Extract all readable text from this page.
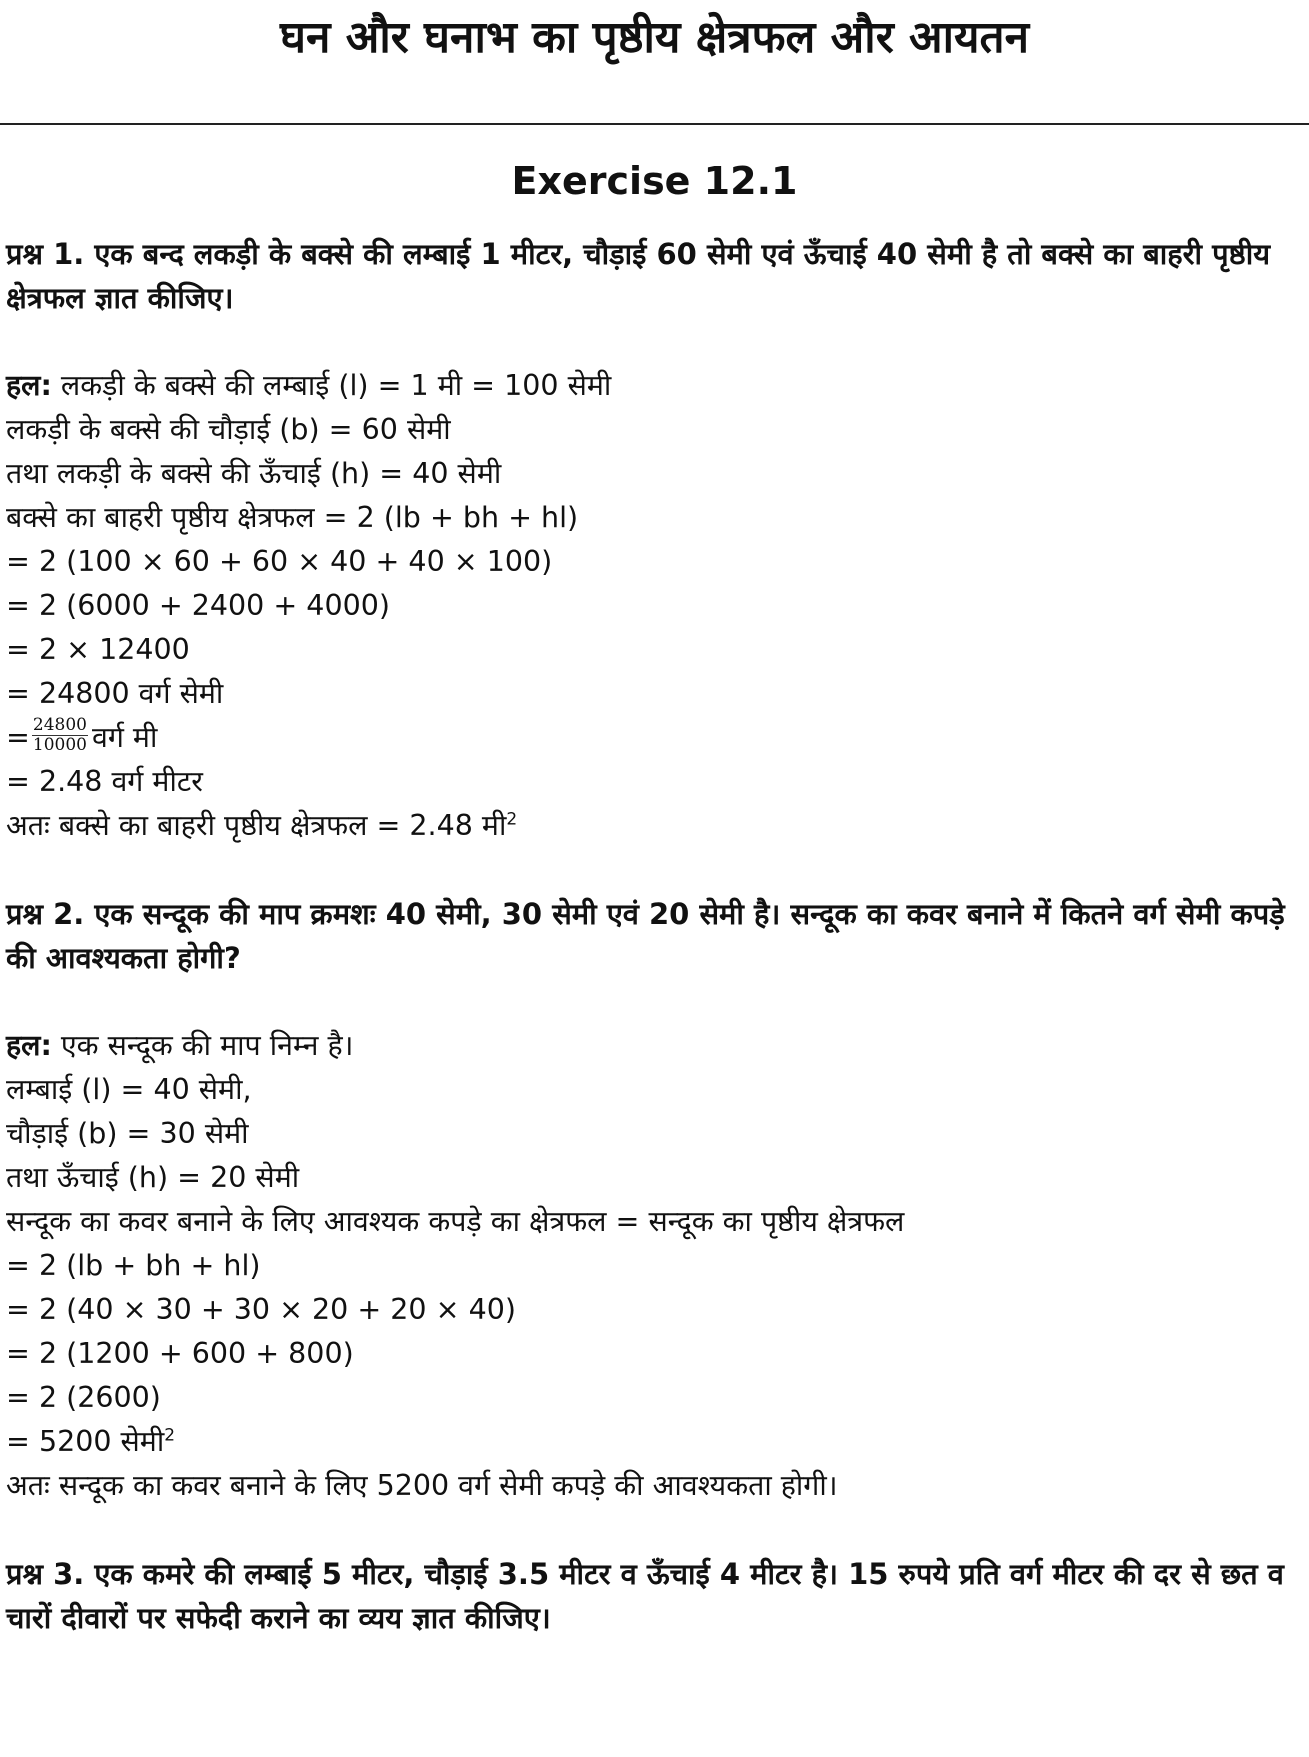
घन और घनाभ का पृष्ठीय क्षेत्रफल और आयतन
Exercise 12.1
प्रश्न 1. एक बन्द लकड़ी के बक्से की लम्बाई 1 मीटर, चौड़ाई 60 सेमी एवं ऊँचाई 40 सेमी है तो बक्से का बाहरी पृष्ठीय क्षेत्रफल ज्ञात कीजिए।
हल: लकड़ी के बक्से की लम्बाई (l) = 1 मी = 100 सेमी
लकड़ी के बक्से की चौड़ाई (b) = 60 सेमी
तथा लकड़ी के बक्से की ऊँचाई (h) = 40 सेमी
बक्से का बाहरी पृष्ठीय क्षेत्रफल = 2 (lb + bh + hl)
= 2 (100 × 60 + 60 × 40 + 40 × 100)
= 2 (6000 + 2400 + 4000)
= 2 × 12400
= 24800 वर्ग सेमी
= $\frac{24800}{10000}$ वर्ग मी
= 2.48 वर्ग मीटर
अतः बक्से का बाहरी पृष्ठीय क्षेत्रफल = 2.48 मी$^2$
प्रश्न 2. एक सन्दूक की माप क्रमशः 40 सेमी, 30 सेमी एवं 20 सेमी है। सन्दूक का कवर बनाने में कितने वर्ग सेमी कपड़े की आवश्यकता होगी?
हल: एक सन्दूक की माप निम्न है।
लम्बाई (l) = 40 सेमी,
चौड़ाई (b) = 30 सेमी
तथा ऊँचाई (h) = 20 सेमी
सन्दूक का कवर बनाने के लिए आवश्यक कपड़े का क्षेत्रफल = सन्दूक का पृष्ठीय क्षेत्रफल
= 2 (lb + bh + hl)
= 2 (40 × 30 + 30 × 20 + 20 × 40)
= 2 (1200 + 600 + 800)
= 2 (2600)
= 5200 सेमी$^2$
अतः सन्दूक का कवर बनाने के लिए 5200 वर्ग सेमी कपड़े की आवश्यकता होगी।
प्रश्न 3. एक कमरे की लम्बाई 5 मीटर, चौड़ाई 3.5 मीटर व ऊँचाई 4 मीटर है। 15 रुपये प्रति वर्ग मीटर की दर से छत व चारों दीवारों पर सफेदी कराने का व्यय ज्ञात कीजिए।
